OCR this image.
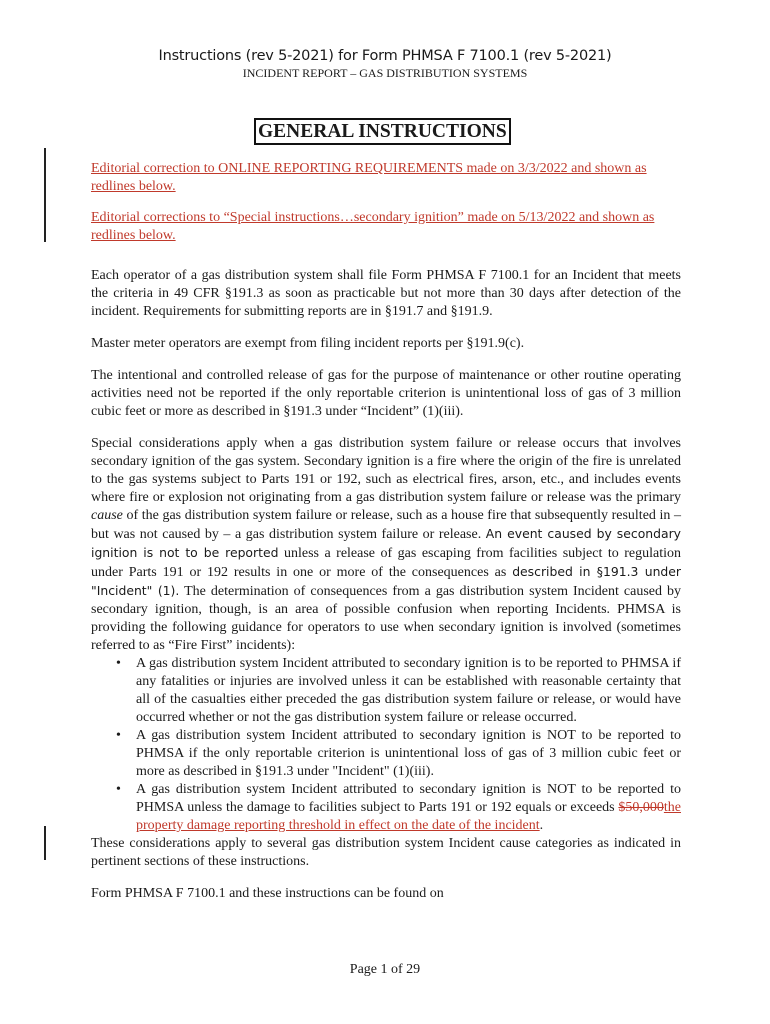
Instructions (rev 5-2021) for Form PHMSA F 7100.1 (rev 5-2021)
INCIDENT REPORT – GAS DISTRIBUTION SYSTEMS
GENERAL INSTRUCTIONS

Editorial correction to ONLINE REPORTING REQUIREMENTS made on 3/3/2022 and shown as redlines below.

Editorial corrections to “Special instructions…secondary ignition” made on 5/13/2022 and shown as redlines below.

Each operator of a gas distribution system shall file Form PHMSA F 7100.1 for an Incident that meets the criteria in 49 CFR §191.3 as soon as practicable but not more than 30 days after detection of the incident. Requirements for submitting reports are in §191.7 and §191.9.

Master meter operators are exempt from filing incident reports per §191.9(c).

The intentional and controlled release of gas for the purpose of maintenance or other routine operating activities need not be reported if the only reportable criterion is unintentional loss of gas of 3 million cubic feet or more as described in §191.3 under “Incident” (1)(iii).

Special considerations apply when a gas distribution system failure or release occurs that involves secondary ignition of the gas system. Secondary ignition is a fire where the origin of the fire is unrelated to the gas systems subject to Parts 191 or 192, such as electrical fires, arson, etc., and includes events where fire or explosion not originating from a gas distribution system failure or release was the primary cause of the gas distribution system failure or release, such as a house fire that subsequently resulted in – but was not caused by – a gas distribution system failure or release. An event caused by secondary ignition is not to be reported unless a release of gas escaping from facilities subject to regulation under Parts 191 or 192 results in one or more of the consequences as described in §191.3 under "Incident" (1). The determination of consequences from a gas distribution system Incident caused by secondary ignition, though, is an area of possible confusion when reporting Incidents. PHMSA is providing the following guidance for operators to use when secondary ignition is involved (sometimes referred to as “Fire First” incidents):

• A gas distribution system Incident attributed to secondary ignition is to be reported to PHMSA if any fatalities or injuries are involved unless it can be established with reasonable certainty that all of the casualties either preceded the gas distribution system failure or release, or would have occurred whether or not the gas distribution system failure or release occurred.
• A gas distribution system Incident attributed to secondary ignition is NOT to be reported to PHMSA if the only reportable criterion is unintentional loss of gas of 3 million cubic feet or more as described in §191.3 under "Incident" (1)(iii).
• A gas distribution system Incident attributed to secondary ignition is NOT to be reported to PHMSA unless the damage to facilities subject to Parts 191 or 192 equals or exceeds $50,000the property damage reporting threshold in effect on the date of the incident.

These considerations apply to several gas distribution system Incident cause categories as indicated in pertinent sections of these instructions.

Form PHMSA F 7100.1 and these instructions can be found on

Page 1 of 29
